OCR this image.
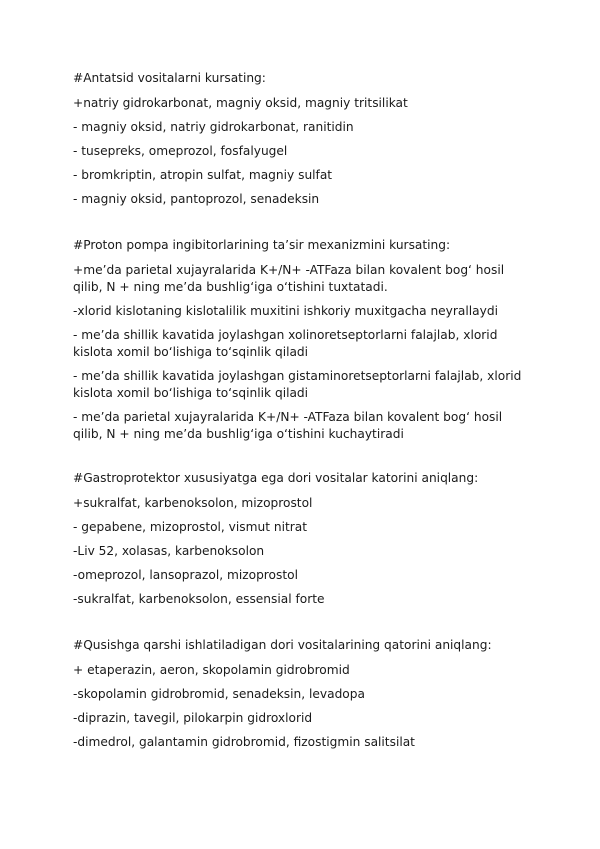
#Antatsid vositalarni kursating:

+natriy gidrokarbonat, magniy oksid, magniy tritsilikat

- magniy oksid, natriy gidrokarbonat, ranitidin

- tusepreks, omeprozol, fosfalyugel

- bromkriptin, atropin sulfat, magniy sulfat

- magniy oksid, pantoprozol, senadeksin

#Proton pompa ingibitorlarining ta’sir mexanizmini kursating:

+me’da parietal xujayralarida K+/N+ -ATFaza bilan kovalent bog‘ hosil qilib, N + ning me’da bushlig‘iga o‘tishini tuxtatadi.

-xlorid kislotaning kislotalilik muxitini ishkoriy muxitgacha neyrallaydi

- me’da shillik kavatida joylashgan xolinoretseptorlarni falajlab, xlorid kislota xomil bo‘lishiga to‘sqinlik qiladi

- me’da shillik kavatida joylashgan gistaminoretseptorlarni falajlab, xlorid kislota xomil bo‘lishiga to‘sqinlik qiladi

- me’da parietal xujayralarida K+/N+ -ATFaza bilan kovalent bog‘ hosil qilib, N + ning me’da bushlig‘iga o‘tishini kuchaytiradi

#Gastroprotektor xususiyatga ega dori vositalar katorini aniqlang:

+sukralfat, karbenoksolon, mizoprostol

- gepabene, mizoprostol, vismut nitrat

-Liv 52, xolasas, karbenoksolon

-omeprozol, lansoprazol, mizoprostol

-sukralfat, karbenoksolon, essensial forte

#Qusishga qarshi ishlatiladigan dori vositalarining qatorini aniqlang:

+ etaperazin, aeron, skopolamin gidrobromid

-skopolamin gidrobromid, senadeksin, levadopa

-diprazin, tavegil, pilokarpin gidroxlorid

-dimedrol, galantamin gidrobromid, fizostigmin salitsilat
